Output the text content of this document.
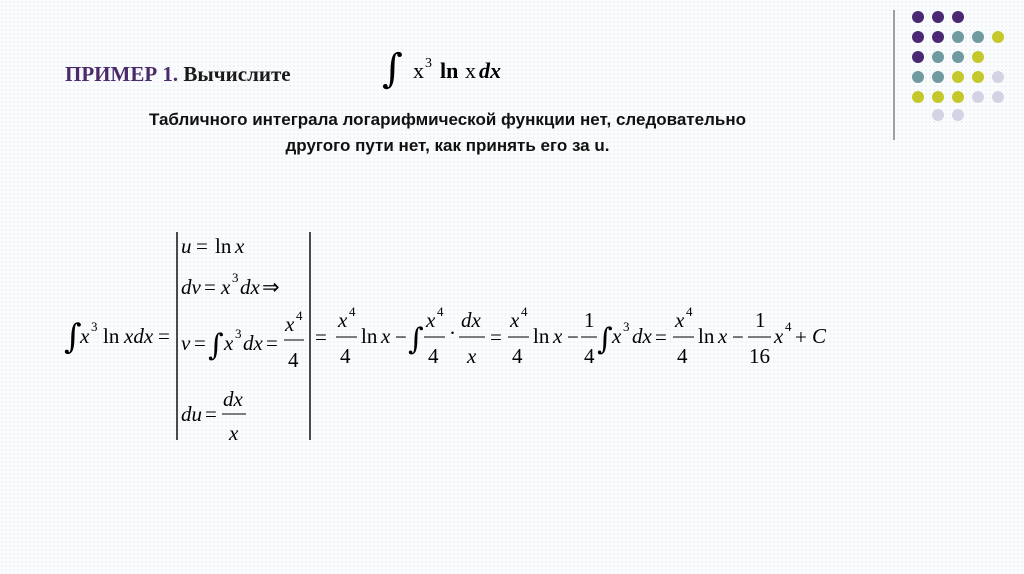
ПРИМЕР 1. Вычислите ∫ x 3 ln x dx
Табличного интеграла логарифмической функции нет, следовательно
другого пути нет, как принять его за u.
∫
x 3 ln xdx =
u = ln x
dv = x 3 dx ⇒
v = ∫ x 3 dx =
x 4
4
du =
dx
x
=
x 4
4
ln x − ∫
x 4
4
·
dx
x
=
x 4
4
ln x −
1
4 ∫ x 3 dx =
x 4
4
ln x −
1
16
x 4 + C
